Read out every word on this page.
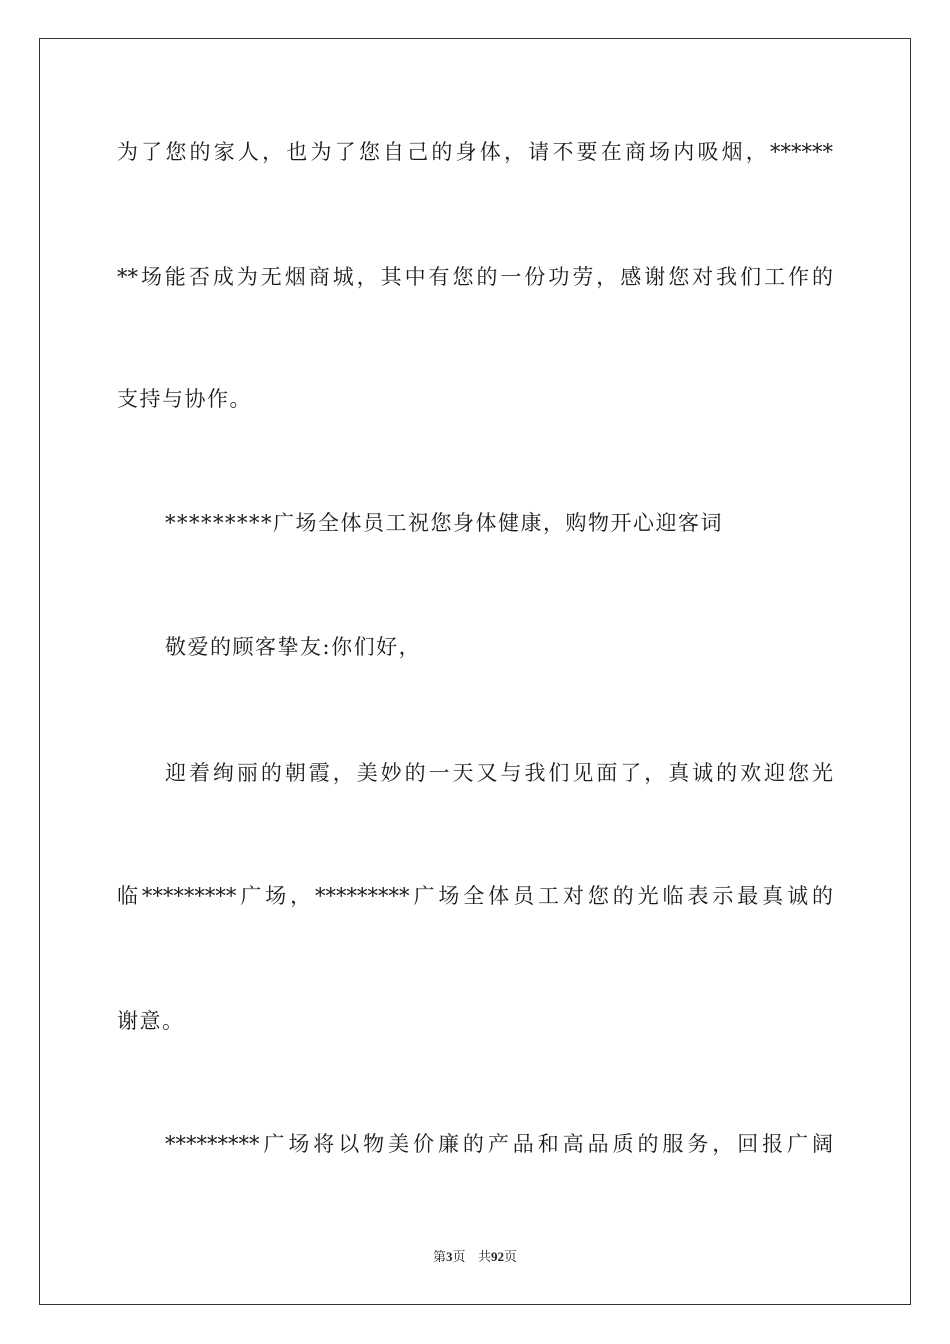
为了您的家人，也为了您自己的身体，请不要在商场内吸烟，******
**场能否成为无烟商城，其中有您的一份功劳，感谢您对我们工作的
支持与协作。
*********广场全体员工祝您身体健康，购物开心迎客词
敬爱的顾客挚友:你们好，
迎着绚丽的朝霞，美妙的一天又与我们见面了，真诚的欢迎您光
临*********广场，*********广场全体员工对您的光临表示最真诚的
谢意。
*********广场将以物美价廉的产品和高品质的服务，回报广阔
第3页 共92页
